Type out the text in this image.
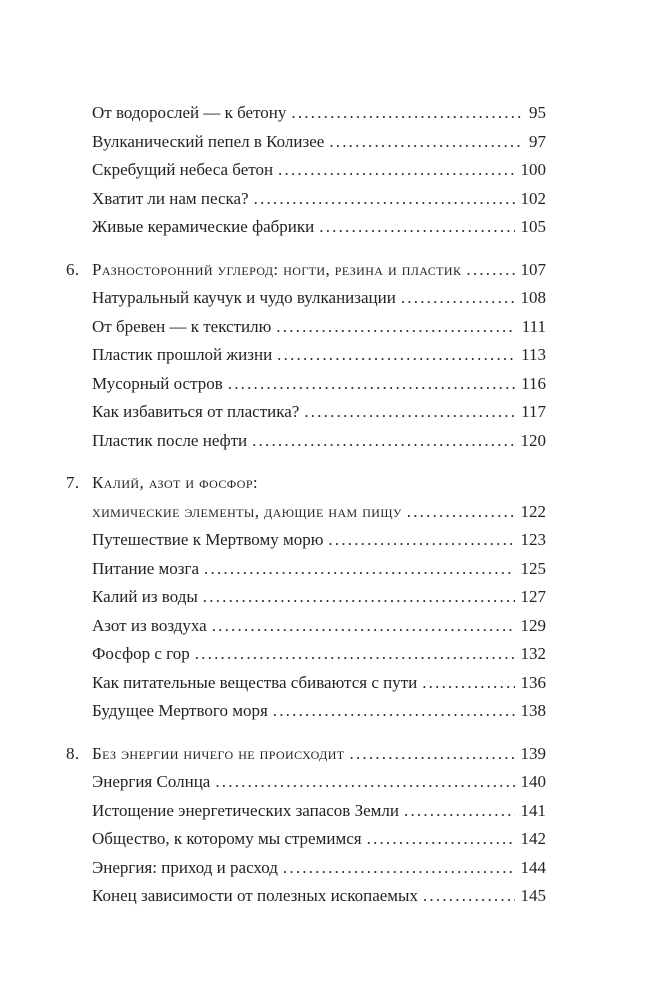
От водорослей — к бетону .....	95
Вулканический пепел в Колизее .....	97
Скребущий небеса бетон .....	100
Хватит ли нам песка? .....	102
Живые керамические фабрики .....	105
6. Разносторонний углерод: ногти, резина и пластик .....	107
Натуральный каучук и чудо вулканизации .....	108
От бревен — к текстилю .....	111
Пластик прошлой жизни .....	113
Мусорный остров .....	116
Как избавиться от пластика? .....	117
Пластик после нефти .....	120
7. Калий, азот и фосфор:
химические элементы, дающие нам пищу .....	122
Путешествие к Мертвому морю .....	123
Питание мозга .....	125
Калий из воды .....	127
Азот из воздуха .....	129
Фосфор с гор .....	132
Как питательные вещества сбиваются с пути .....	136
Будущее Мертвого моря .....	138
8. Без энергии ничего не происходит .....	139
Энергия Солнца .....	140
Истощение энергетических запасов Земли .....	141
Общество, к которому мы стремимся .....	142
Энергия: приход и расход .....	144
Конец зависимости от полезных ископаемых .....	145
